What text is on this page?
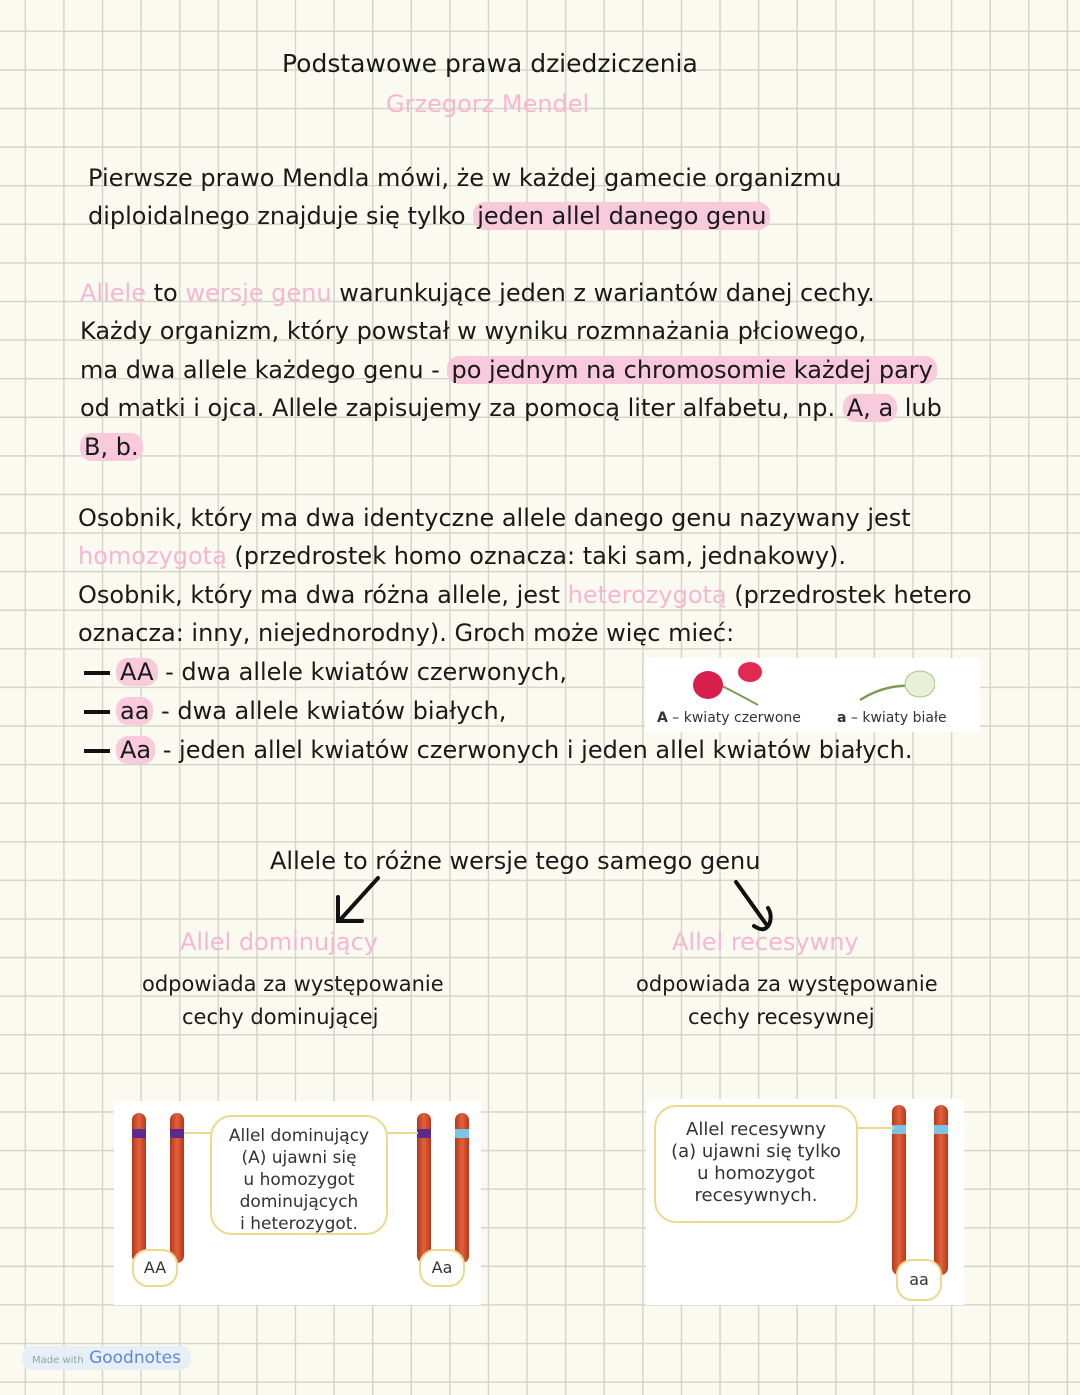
Podstawowe prawa dziedziczenia
Grzegorz Mendel
Pierwsze prawo Mendla mówi, że w każdej gamecie organizmu
diploidalnego znajduje się tylko jeden allel danego genu
Allele to wersje genu warunkujące jeden z wariantów danej cechy.
Każdy organizm, który powstał w wyniku rozmnażania płciowego,
ma dwa allele każdego genu - po jednym na chromosomie każdej pary
od matki i ojca. Allele zapisujemy za pomocą liter alfabetu, np. A, a lub
B, b.
Osobnik, który ma dwa identyczne allele danego genu nazywany jest
homozygotą (przedrostek homo oznacza: taki sam, jednakowy).
Osobnik, który ma dwa różna allele, jest heterozygotą (przedrostek hetero
oznacza: inny, niejednorodny). Groch może więc mieć:
AA - dwa allele kwiatów czerwonych,
aa - dwa allele kwiatów białych,
Aa - jeden allel kwiatów czerwonych i jeden allel kwiatów białych.
Allele to różne wersje tego samego genu
Allel dominujący	Allel recesywny
odpowiada za występowanie
cechy dominującej
odpowiada za występowanie
cechy recesywnej
A – kwiaty czerwone	a – kwiaty białe
Allel dominujący
(A) ujawni się
u homozygot
dominujących
i heterozygot.
AA	Aa
Allel recesywny
(a) ujawni się tylko
u homozygot
recesywnych.
aa
Made with Goodnotes
